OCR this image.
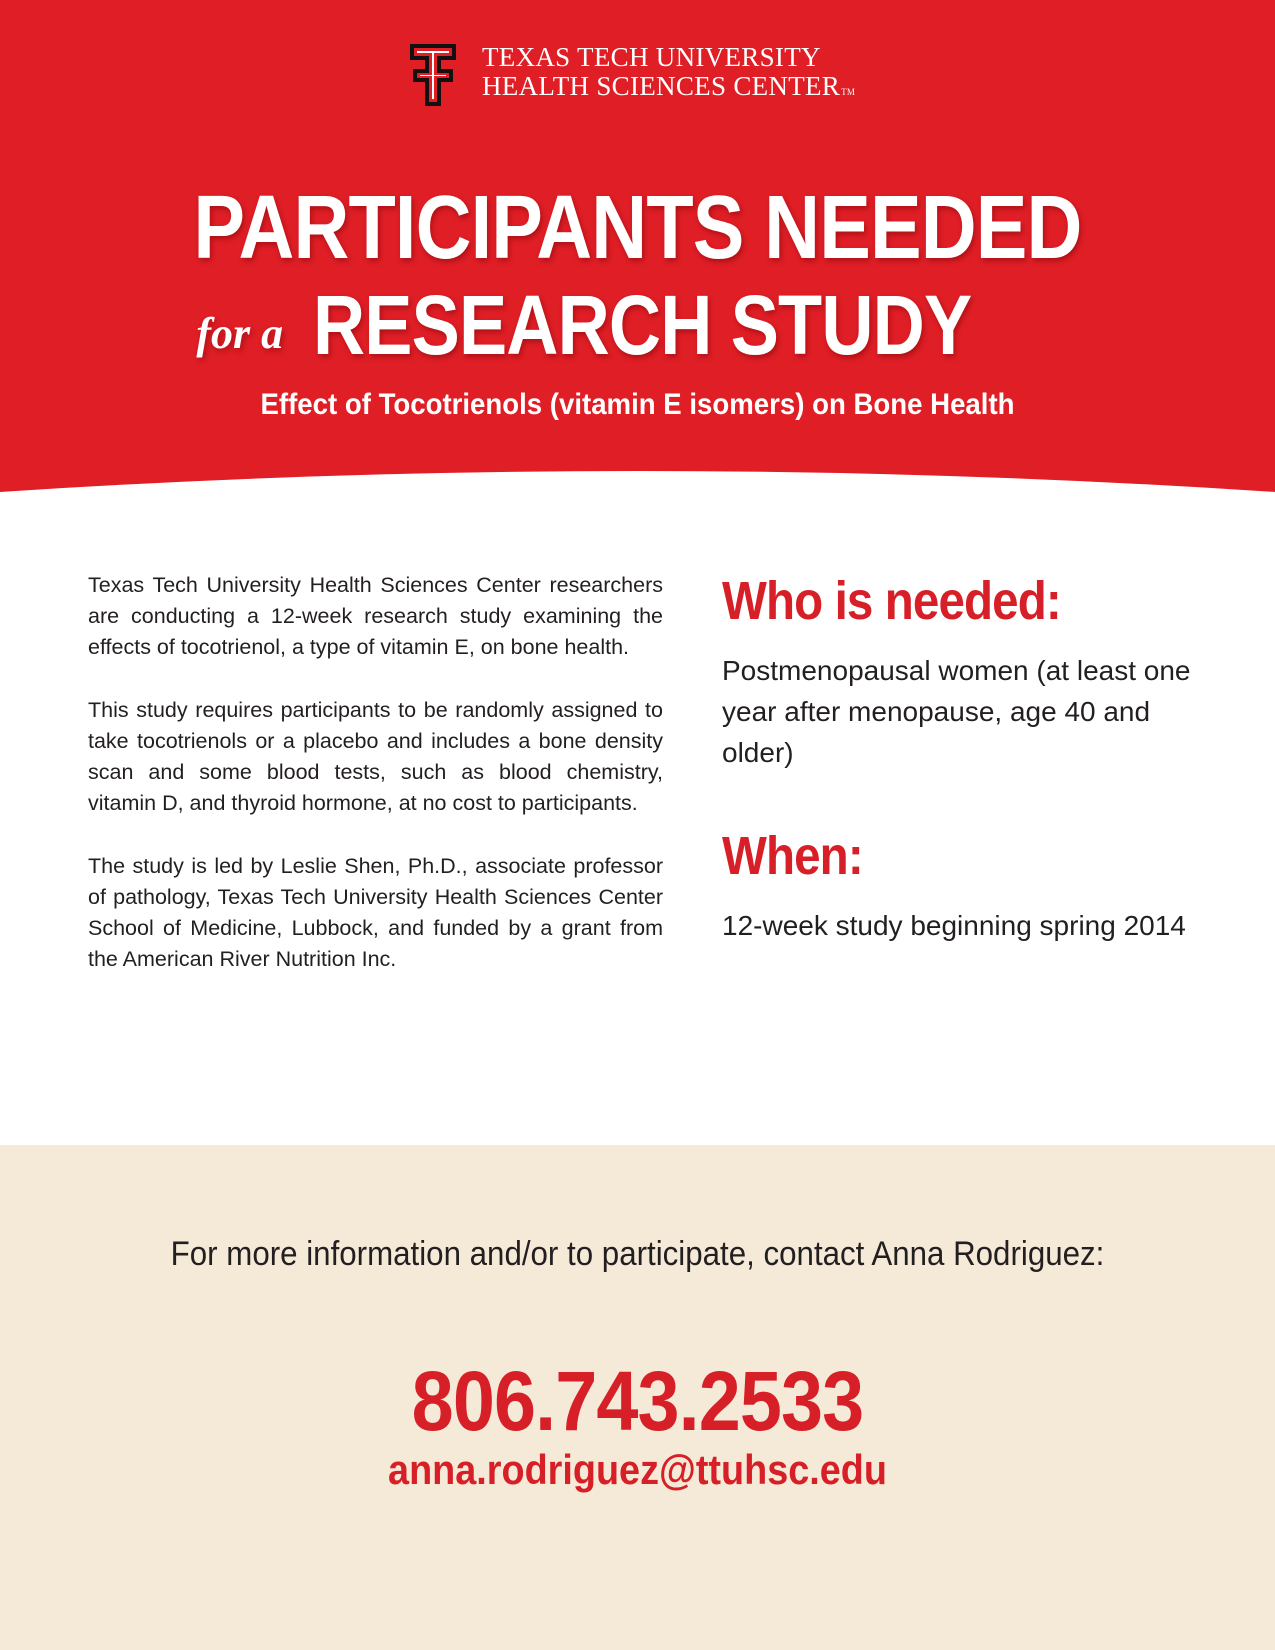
TEXAS TECH UNIVERSITY
HEALTH SCIENCES CENTERTM
PARTICIPANTS NEEDED
for a RESEARCH STUDY
Effect of Tocotrienols (vitamin E isomers) on Bone Health

Texas Tech University Health Sciences Center researchers are conducting a 12-week research study examining the effects of tocotrienol, a type of vitamin E, on bone health.

This study requires participants to be randomly assigned to take tocotrienols or a placebo and includes a bone density scan and some blood tests, such as blood chemistry, vitamin D, and thyroid hormone, at no cost to participants.

The study is led by Leslie Shen, Ph.D., associate professor of pathology, Texas Tech University Health Sciences Center School of Medicine, Lubbock, and funded by a grant from the American River Nutrition Inc.

Who is needed:

Postmenopausal women (at least one year after menopause, age 40 and older)

When:

12-week study beginning spring 2014

For more information and/or to participate, contact Anna Rodriguez:
806.743.2533
anna.rodriguez@ttuhsc.edu
